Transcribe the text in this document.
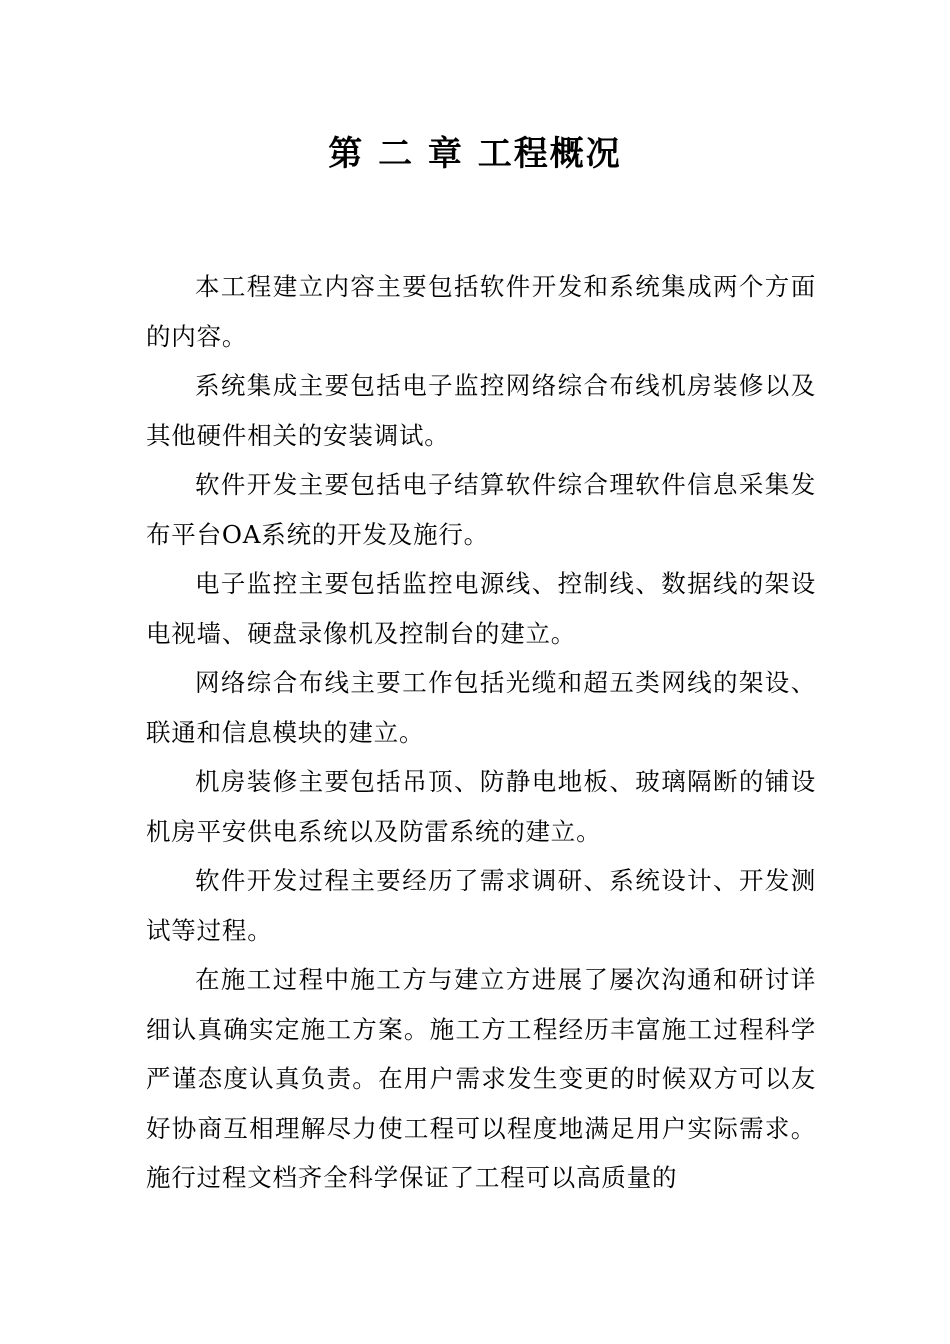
第 二 章 工程概况

本工程建立内容主要包括软件开发和系统集成两个方面的内容。

系统集成主要包括电子监控网络综合布线机房装修以及其他硬件相关的安装调试。

软件开发主要包括电子结算软件综合理软件信息采集发布平台OA系统的开发及施行。

电子监控主要包括监控电源线、控制线、数据线的架设电视墙、硬盘录像机及控制台的建立。

网络综合布线主要工作包括光缆和超五类网线的架设、联通和信息模块的建立。

机房装修主要包括吊顶、防静电地板、玻璃隔断的铺设机房平安供电系统以及防雷系统的建立。

软件开发过程主要经历了需求调研、系统设计、开发测试等过程。

在施工过程中施工方与建立方进展了屡次沟通和研讨详细认真确实定施工方案。施工方工程经历丰富施工过程科学严谨态度认真负责。在用户需求发生变更的时候双方可以友好协商互相理解尽力使工程可以程度地满足用户实际需求。施行过程文档齐全科学保证了工程可以高质量的
